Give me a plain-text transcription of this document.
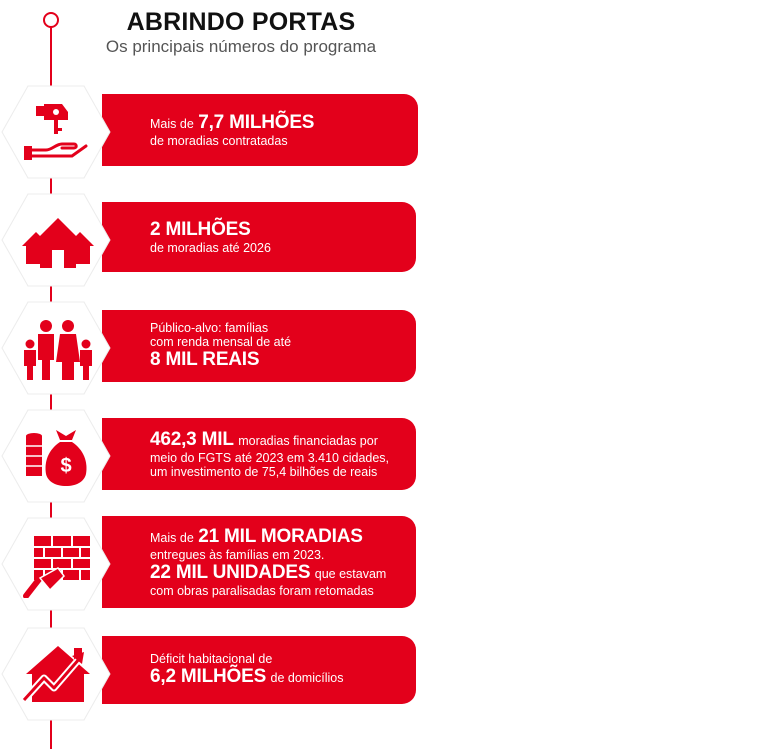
ABRINDO PORTAS
Os principais números do programa
Mais de 7,7 MILHÕES
de moradias contratadas
2 MILHÕES
de moradias até 2026
Público-alvo: famílias
com renda mensal de até
8 MIL REAIS
462,3 MIL moradias financiadas por
meio do FGTS até 2023 em 3.410 cidades,
um investimento de 75,4 bilhões de reais
$
Mais de 21 MIL MORADIAS
entregues às famílias em 2023.
22 MIL UNIDADES que estavam
com obras paralisadas foram retomadas
Déficit habitacional de
6,2 MILHÕES de domicílios
